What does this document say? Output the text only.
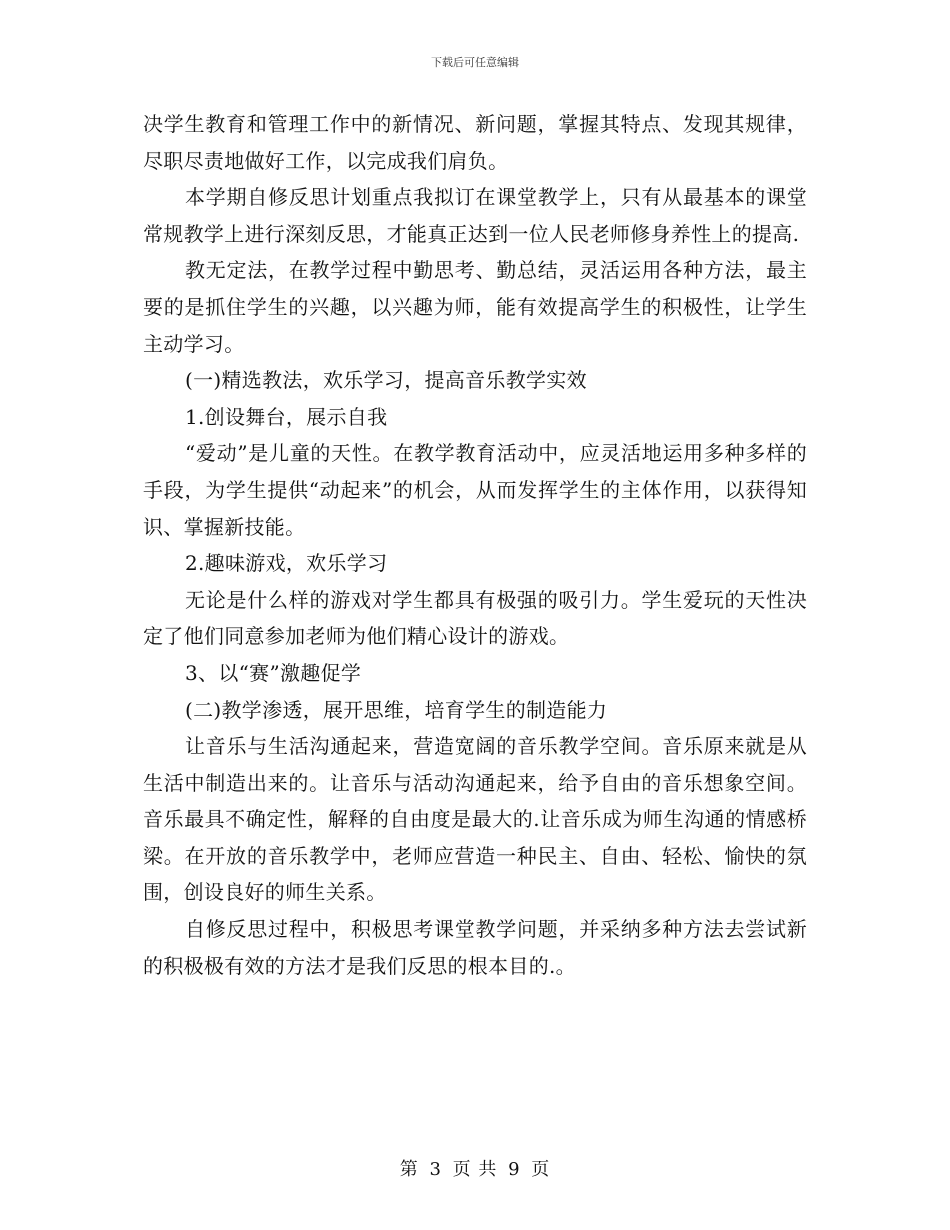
下载后可任意编辑

决学生教育和管理工作中的新情况、新问题，掌握其特点、发现其规律，尽职尽责地做好工作，以完成我们肩负。

本学期自修反思计划重点我拟订在课堂教学上，只有从最基本的课堂常规教学上进行深刻反思，才能真正达到一位人民老师修身养性上的提高.

教无定法，在教学过程中勤思考、勤总结，灵活运用各种方法，最主要的是抓住学生的兴趣，以兴趣为师，能有效提高学生的积极性，让学生主动学习。

(一)精选教法，欢乐学习，提高音乐教学实效

1.创设舞台，展示自我

“爱动”是儿童的天性。在教学教育活动中，应灵活地运用多种多样的手段，为学生提供“动起来”的机会，从而发挥学生的主体作用，以获得知识、掌握新技能。

2.趣味游戏，欢乐学习

无论是什么样的游戏对学生都具有极强的吸引力。学生爱玩的天性决定了他们同意参加老师为他们精心设计的游戏。

3、以“赛”激趣促学

(二)教学渗透，展开思维，培育学生的制造能力

让音乐与生活沟通起来，营造宽阔的音乐教学空间。音乐原来就是从生活中制造出来的。让音乐与活动沟通起来，给予自由的音乐想象空间。音乐最具不确定性，解释的自由度是最大的.让音乐成为师生沟通的情感桥梁。在开放的音乐教学中，老师应营造一种民主、自由、轻松、愉快的氛围，创设良好的师生关系。

自修反思过程中，积极思考课堂教学问题，并采纳多种方法去尝试新的积极极有效的方法才是我们反思的根本目的.。

第 3 页 共 9 页
